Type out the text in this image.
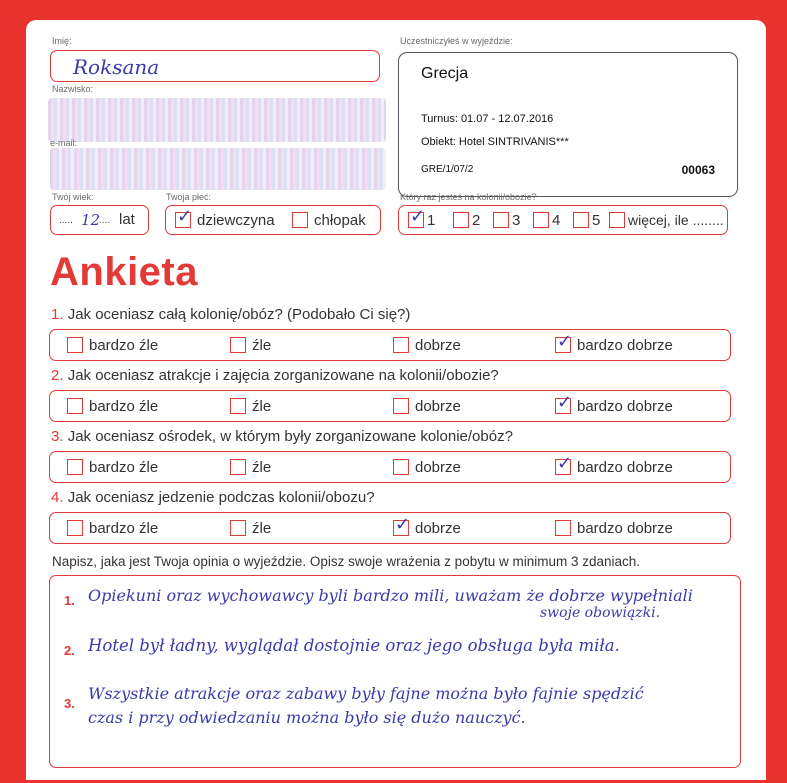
Imię:
Roksana
Nazwisko:
e-mail:
Twój wiek:
..... 12
.... lat
Twoja płeć:
✓ dziewczyna	chłopak
Uczestniczyłeś w wyjeździe:
Grecja
Turnus: 01.07 - 12.07.2016
Obiekt: Hotel SINTRIVANIS***
GRE/1/07/2	00063
Który raz jesteś na kolonii/obozie?
✓ 1 2 3 4 5 więcej, ile ........
Ankieta
1. Jak oceniasz całą kolonię/obóz? (Podobało Ci się?)
bardzo źle	źle	dobrze	✓ bardzo dobrze
2. Jak oceniasz atrakcje i zajęcia zorganizowane na kolonii/obozie?
bardzo źle	źle	dobrze	✓ bardzo dobrze
3. Jak oceniasz ośrodek, w którym były zorganizowane kolonie/obóz?
bardzo źle	źle	dobrze	✓ bardzo dobrze
4. Jak oceniasz jedzenie podczas kolonii/obozu?
bardzo źle	źle	✓ dobrze	bardzo dobrze
Napisz, jaka jest Twoja opinia o wyjeździe. Opisz swoje wrażenia z pobytu w minimum 3 zdaniach.
1.
2.
3.
Opiekuni oraz wychowawcy byli bardzo mili, uważam że dobrze wypełniali
swoje obowiązki.
Hotel był ładny, wyglądał dostojnie oraz jego obsługa była miła.
Wszystkie atrakcje oraz zabawy były fajne można było fajnie spędzić
czas i przy odwiedzaniu można było się dużo nauczyć.
